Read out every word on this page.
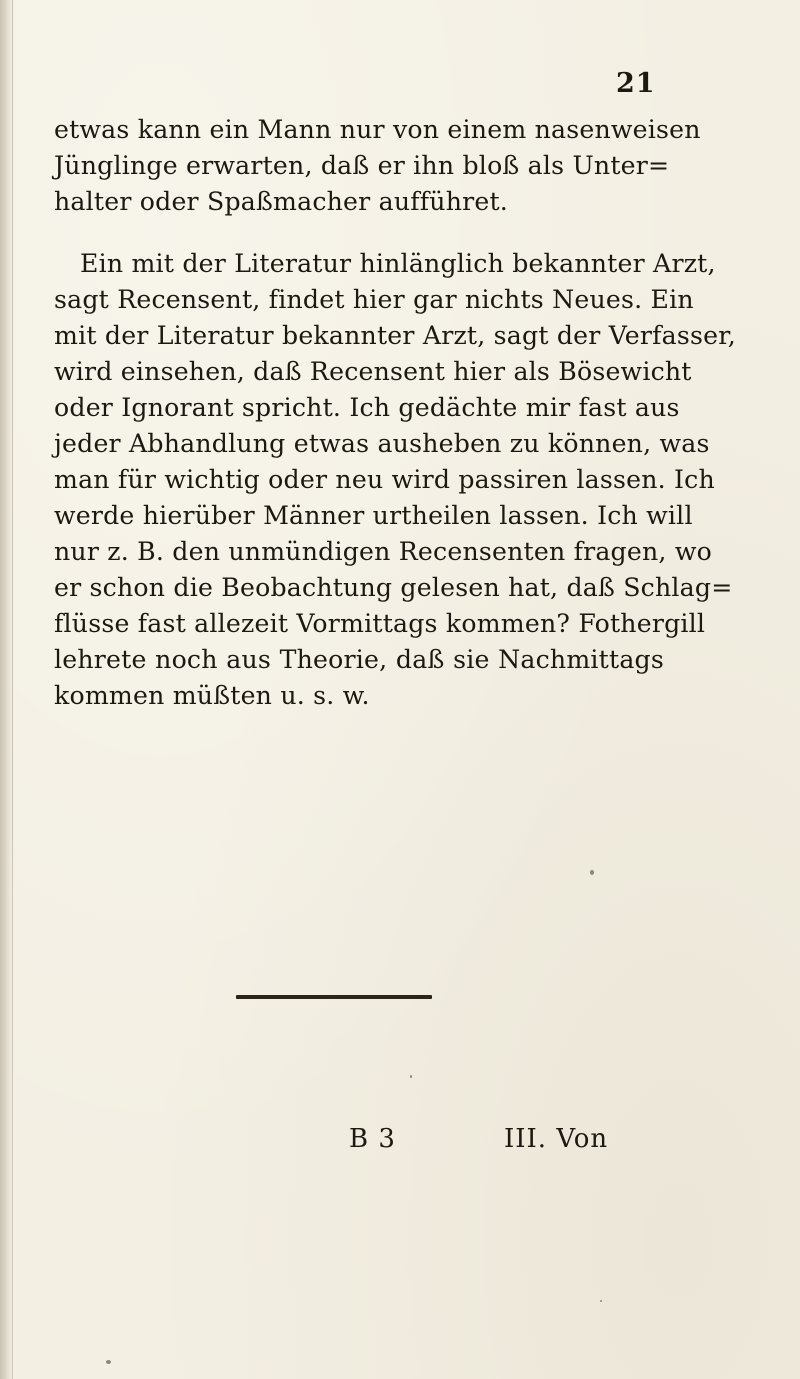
21
etwas kann ein Mann nur von einem nasenweisen
Jünglinge erwarten, daß er ihn bloß als Unter=
halter oder Spaßmacher aufführet.
Ein mit der Literatur hinlänglich bekannter Arzt,
sagt Recensent, findet hier gar nichts Neues. Ein
mit der Literatur bekannter Arzt, sagt der Verfasser,
wird einsehen, daß Recensent hier als Bösewicht
oder Ignorant spricht. Ich gedächte mir fast aus
jeder Abhandlung etwas ausheben zu können, was
man für wichtig oder neu wird passiren lassen. Ich
werde hierüber Männer urtheilen lassen. Ich will
nur z. B. den unmündigen Recensenten fragen, wo
er schon die Beobachtung gelesen hat, daß Schlag=
flüsse fast allezeit Vormittags kommen? Fothergill
lehrete noch aus Theorie, daß sie Nachmittags
kommen müßten u. s. w.
B 3	III. Von
